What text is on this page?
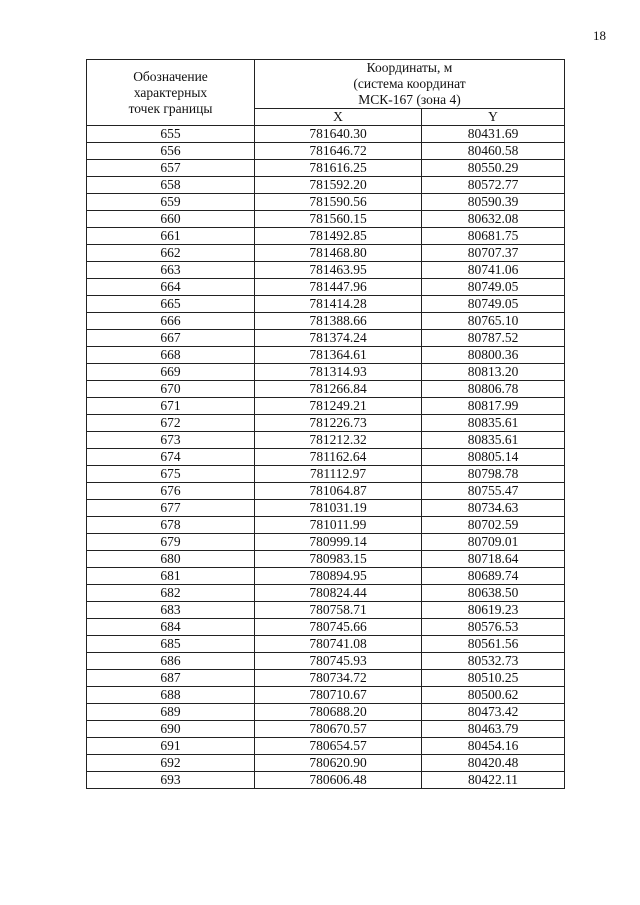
18
Обозначение
характерных
точек границы	Координаты, м
(система координат
МСК-167 (зона 4)	

	X	Y
655	781640.30	80431.69
656	781646.72	80460.58
657	781616.25	80550.29
658	781592.20	80572.77
659	781590.56	80590.39
660	781560.15	80632.08
661	781492.85	80681.75
662	781468.80	80707.37
663	781463.95	80741.06
664	781447.96	80749.05
665	781414.28	80749.05
666	781388.66	80765.10
667	781374.24	80787.52
668	781364.61	80800.36
669	781314.93	80813.20
670	781266.84	80806.78
671	781249.21	80817.99
672	781226.73	80835.61
673	781212.32	80835.61
674	781162.64	80805.14
675	781112.97	80798.78
676	781064.87	80755.47
677	781031.19	80734.63
678	781011.99	80702.59
679	780999.14	80709.01
680	780983.15	80718.64
681	780894.95	80689.74
682	780824.44	80638.50
683	780758.71	80619.23
684	780745.66	80576.53
685	780741.08	80561.56
686	780745.93	80532.73
687	780734.72	80510.25
688	780710.67	80500.62
689	780688.20	80473.42
690	780670.57	80463.79
691	780654.57	80454.16
692	780620.90	80420.48
693	780606.48	80422.11
